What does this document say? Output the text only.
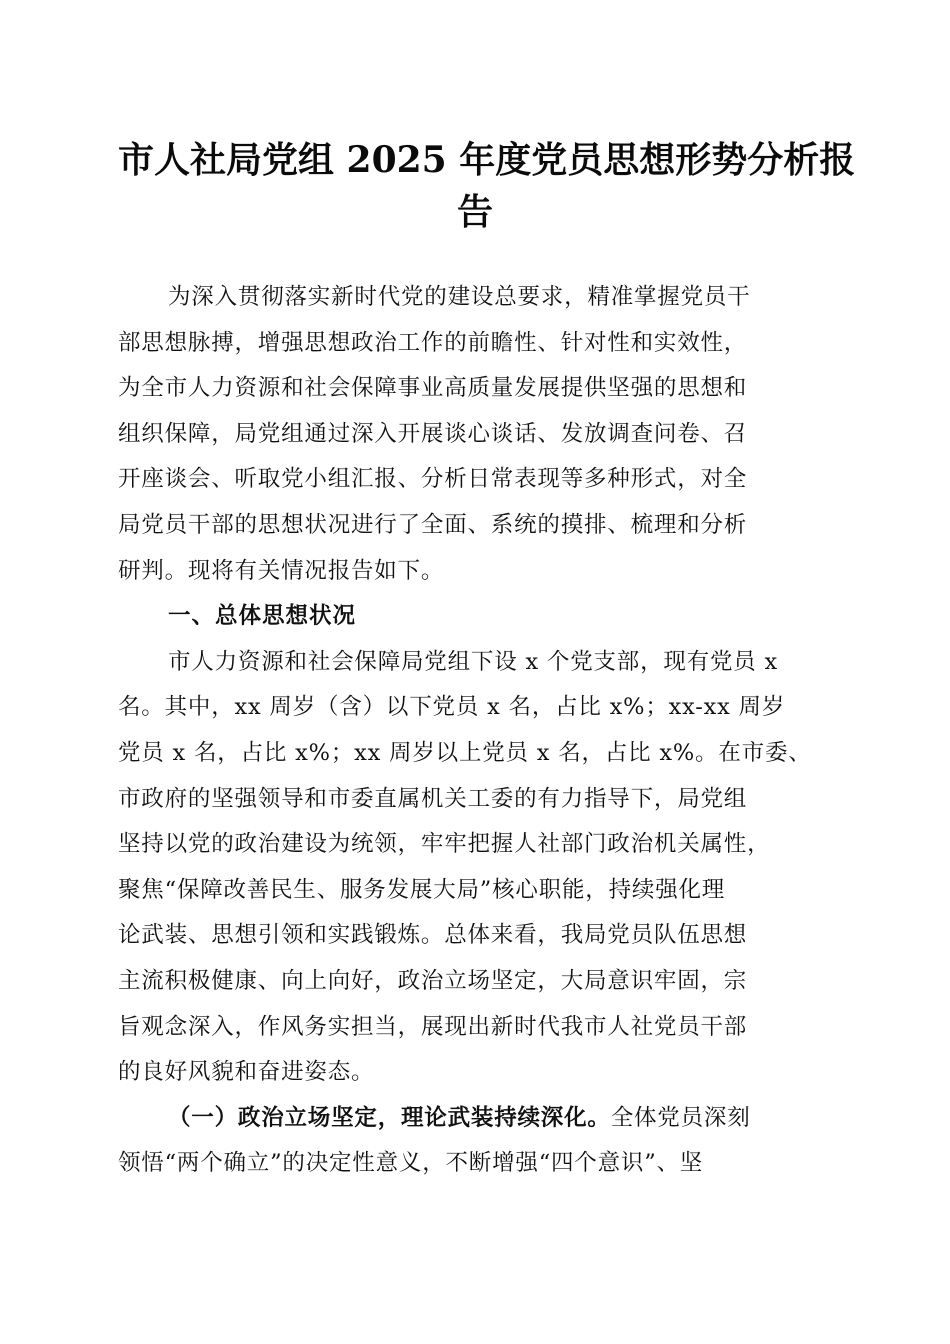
市人社局党组 2025 年度党员思想形势分析报
告
为深入贯彻落实新时代党的建设总要求，精准掌握党员干
部思想脉搏，增强思想政治工作的前瞻性、针对性和实效性，
为全市人力资源和社会保障事业高质量发展提供坚强的思想和
组织保障，局党组通过深入开展谈心谈话、发放调查问卷、召
开座谈会、听取党小组汇报、分析日常表现等多种形式，对全
局党员干部的思想状况进行了全面、系统的摸排、梳理和分析
研判。现将有关情况报告如下。
一、总体思想状况
市人力资源和社会保障局党组下设 x 个党支部，现有党员 x
名。其中，xx 周岁（含）以下党员 x 名，占比 x%；xx-xx 周岁
党员 x 名，占比 x%；xx 周岁以上党员 x 名，占比 x%。在市委、
市政府的坚强领导和市委直属机关工委的有力指导下，局党组
坚持以党的政治建设为统领，牢牢把握人社部门政治机关属性，
聚焦“保障改善民生、服务发展大局”核心职能，持续强化理
论武装、思想引领和实践锻炼。总体来看，我局党员队伍思想
主流积极健康、向上向好，政治立场坚定，大局意识牢固，宗
旨观念深入，作风务实担当，展现出新时代我市人社党员干部
的良好风貌和奋进姿态。
（一）政治立场坚定，理论武装持续深化。全体党员深刻
领悟“两个确立”的决定性意义，不断增强“四个意识”、坚
